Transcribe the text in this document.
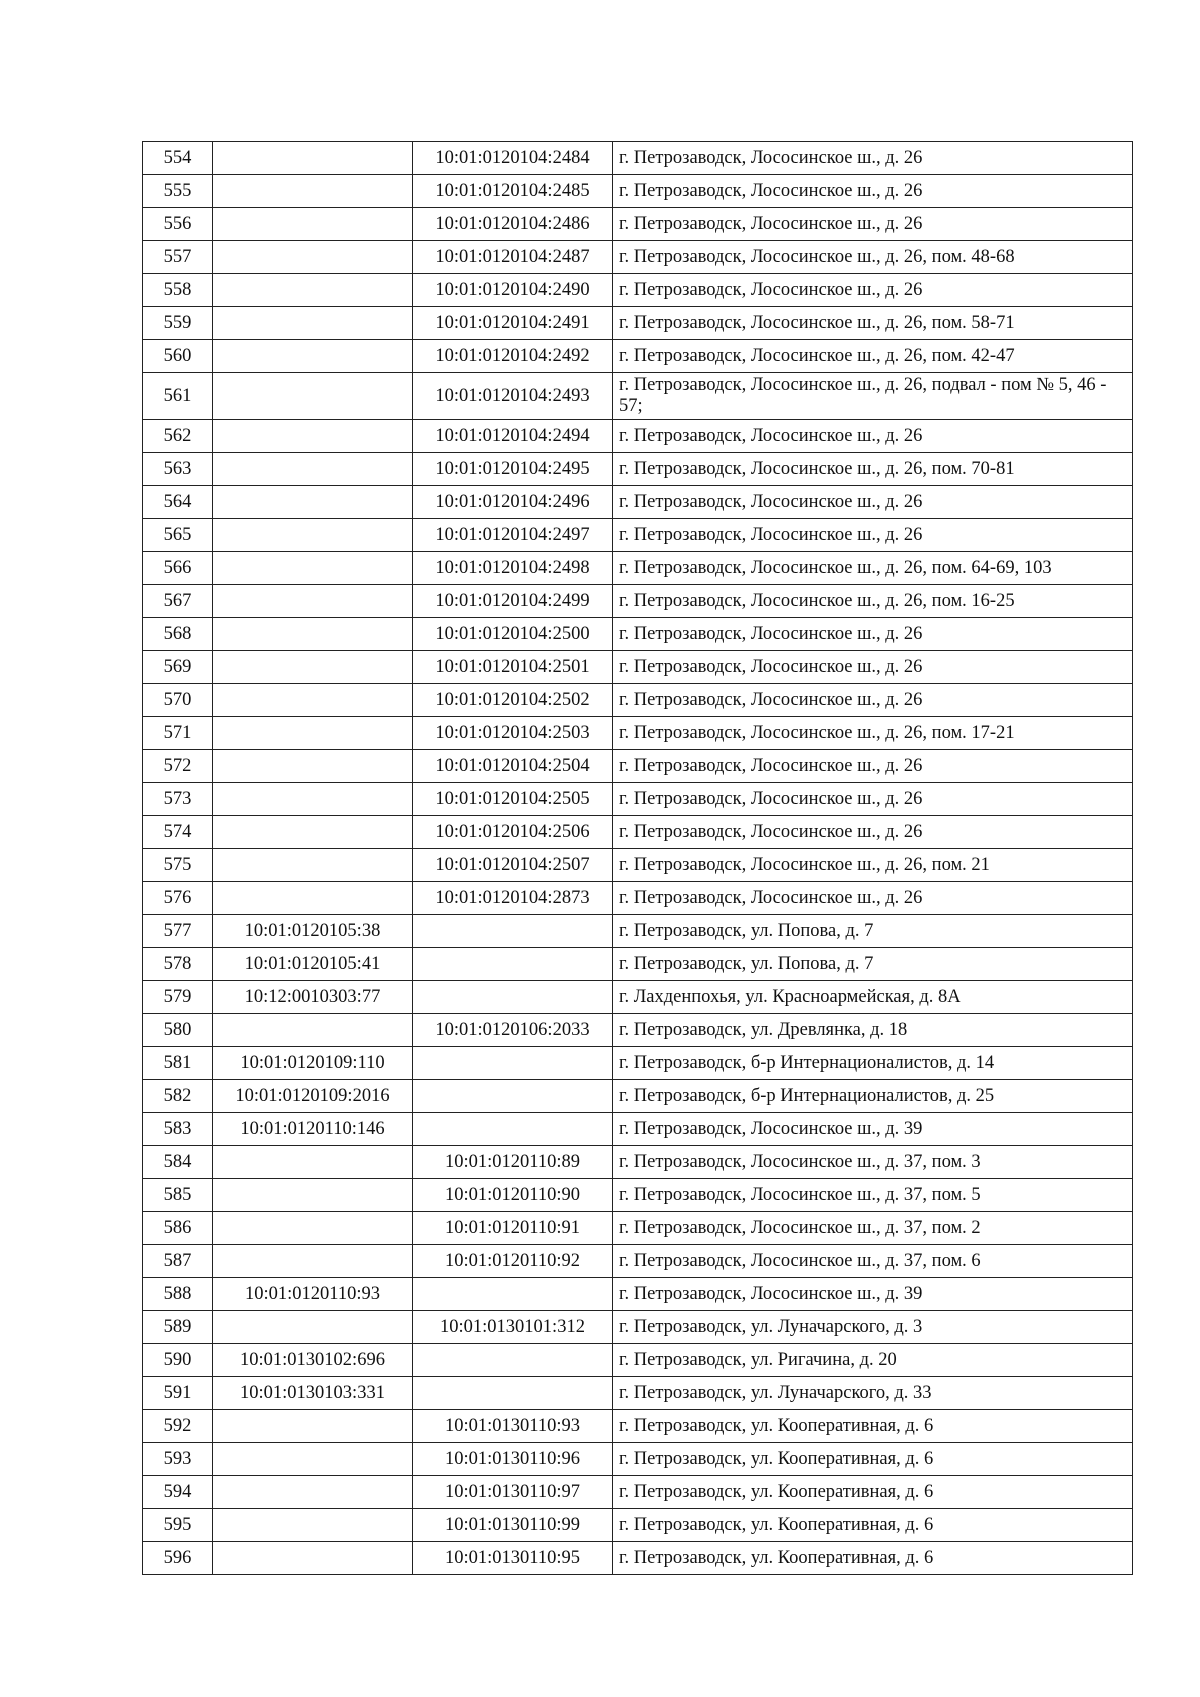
554		10:01:0120104:2484	г. Петрозаводск, Лососинское ш., д. 26
555		10:01:0120104:2485	г. Петрозаводск, Лососинское ш., д. 26
556		10:01:0120104:2486	г. Петрозаводск, Лососинское ш., д. 26
557		10:01:0120104:2487	г. Петрозаводск, Лососинское ш., д. 26, пом. 48-68
558		10:01:0120104:2490	г. Петрозаводск, Лососинское ш., д. 26
559		10:01:0120104:2491	г. Петрозаводск, Лососинское ш., д. 26, пом. 58-71
560		10:01:0120104:2492	г. Петрозаводск, Лососинское ш., д. 26, пом. 42-47
561		10:01:0120104:2493	г. Петрозаводск, Лососинское ш., д. 26, подвал - пом № 5, 46 - 57;
562		10:01:0120104:2494	г. Петрозаводск, Лососинское ш., д. 26
563		10:01:0120104:2495	г. Петрозаводск, Лососинское ш., д. 26, пом. 70-81
564		10:01:0120104:2496	г. Петрозаводск, Лососинское ш., д. 26
565		10:01:0120104:2497	г. Петрозаводск, Лососинское ш., д. 26
566		10:01:0120104:2498	г. Петрозаводск, Лососинское ш., д. 26, пом. 64-69, 103
567		10:01:0120104:2499	г. Петрозаводск, Лососинское ш., д. 26, пом. 16-25
568		10:01:0120104:2500	г. Петрозаводск, Лососинское ш., д. 26
569		10:01:0120104:2501	г. Петрозаводск, Лососинское ш., д. 26
570		10:01:0120104:2502	г. Петрозаводск, Лососинское ш., д. 26
571		10:01:0120104:2503	г. Петрозаводск, Лососинское ш., д. 26, пом. 17-21
572		10:01:0120104:2504	г. Петрозаводск, Лососинское ш., д. 26
573		10:01:0120104:2505	г. Петрозаводск, Лососинское ш., д. 26
574		10:01:0120104:2506	г. Петрозаводск, Лососинское ш., д. 26
575		10:01:0120104:2507	г. Петрозаводск, Лососинское ш., д. 26, пом. 21
576		10:01:0120104:2873	г. Петрозаводск, Лососинское ш., д. 26
577	10:01:0120105:38		г. Петрозаводск, ул. Попова, д. 7
578	10:01:0120105:41		г. Петрозаводск, ул. Попова, д. 7
579	10:12:0010303:77		г. Лахденпохья, ул. Красноармейская, д. 8А
580		10:01:0120106:2033	г. Петрозаводск, ул. Древлянка, д. 18
581	10:01:0120109:110		г. Петрозаводск, б-р Интернационалистов, д. 14
582	10:01:0120109:2016		г. Петрозаводск, б-р Интернационалистов, д. 25
583	10:01:0120110:146		г. Петрозаводск, Лососинское ш., д. 39
584		10:01:0120110:89	г. Петрозаводск, Лососинское ш., д. 37, пом. 3
585		10:01:0120110:90	г. Петрозаводск, Лососинское ш., д. 37, пом. 5
586		10:01:0120110:91	г. Петрозаводск, Лососинское ш., д. 37, пом. 2
587		10:01:0120110:92	г. Петрозаводск, Лососинское ш., д. 37, пом. 6
588	10:01:0120110:93		г. Петрозаводск, Лососинское ш., д. 39
589		10:01:0130101:312	г. Петрозаводск, ул. Луначарского, д. 3
590	10:01:0130102:696		г. Петрозаводск, ул. Ригачина, д. 20
591	10:01:0130103:331		г. Петрозаводск, ул. Луначарского, д. 33
592		10:01:0130110:93	г. Петрозаводск, ул. Кооперативная, д. 6
593		10:01:0130110:96	г. Петрозаводск, ул. Кооперативная, д. 6
594		10:01:0130110:97	г. Петрозаводск, ул. Кооперативная, д. 6
595		10:01:0130110:99	г. Петрозаводск, ул. Кооперативная, д. 6
596		10:01:0130110:95	г. Петрозаводск, ул. Кооперативная, д. 6
